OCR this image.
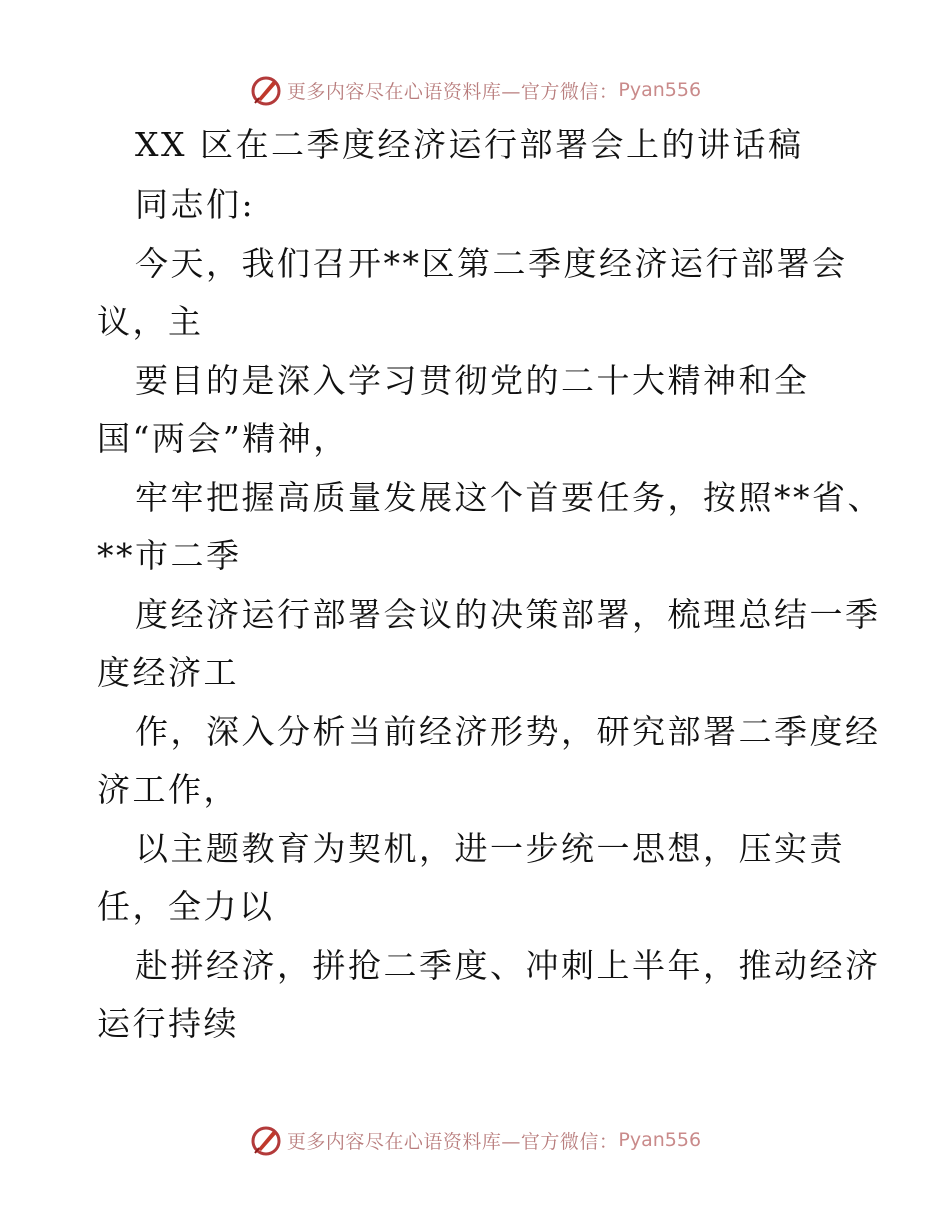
更多内容尽在心语资料库—官方微信： Pyan556
XX 区在二季度经济运行部署会上的讲话稿
同志们:
今天，我们召开**区第二季度经济运行部署会
议，主
要目的是深入学习贯彻党的二十大精神和全
国“两会”精神，
牢牢把握高质量发展这个首要任务，按照**省、
**市二季
度经济运行部署会议的决策部署，梳理总结一季
度经济工
作，深入分析当前经济形势，研究部署二季度经
济工作，
以主题教育为契机，进一步统一思想，压实责
任，全力以
赴拼经济，拼抢二季度、冲刺上半年，推动经济
运行持续
更多内容尽在心语资料库—官方微信： Pyan556
